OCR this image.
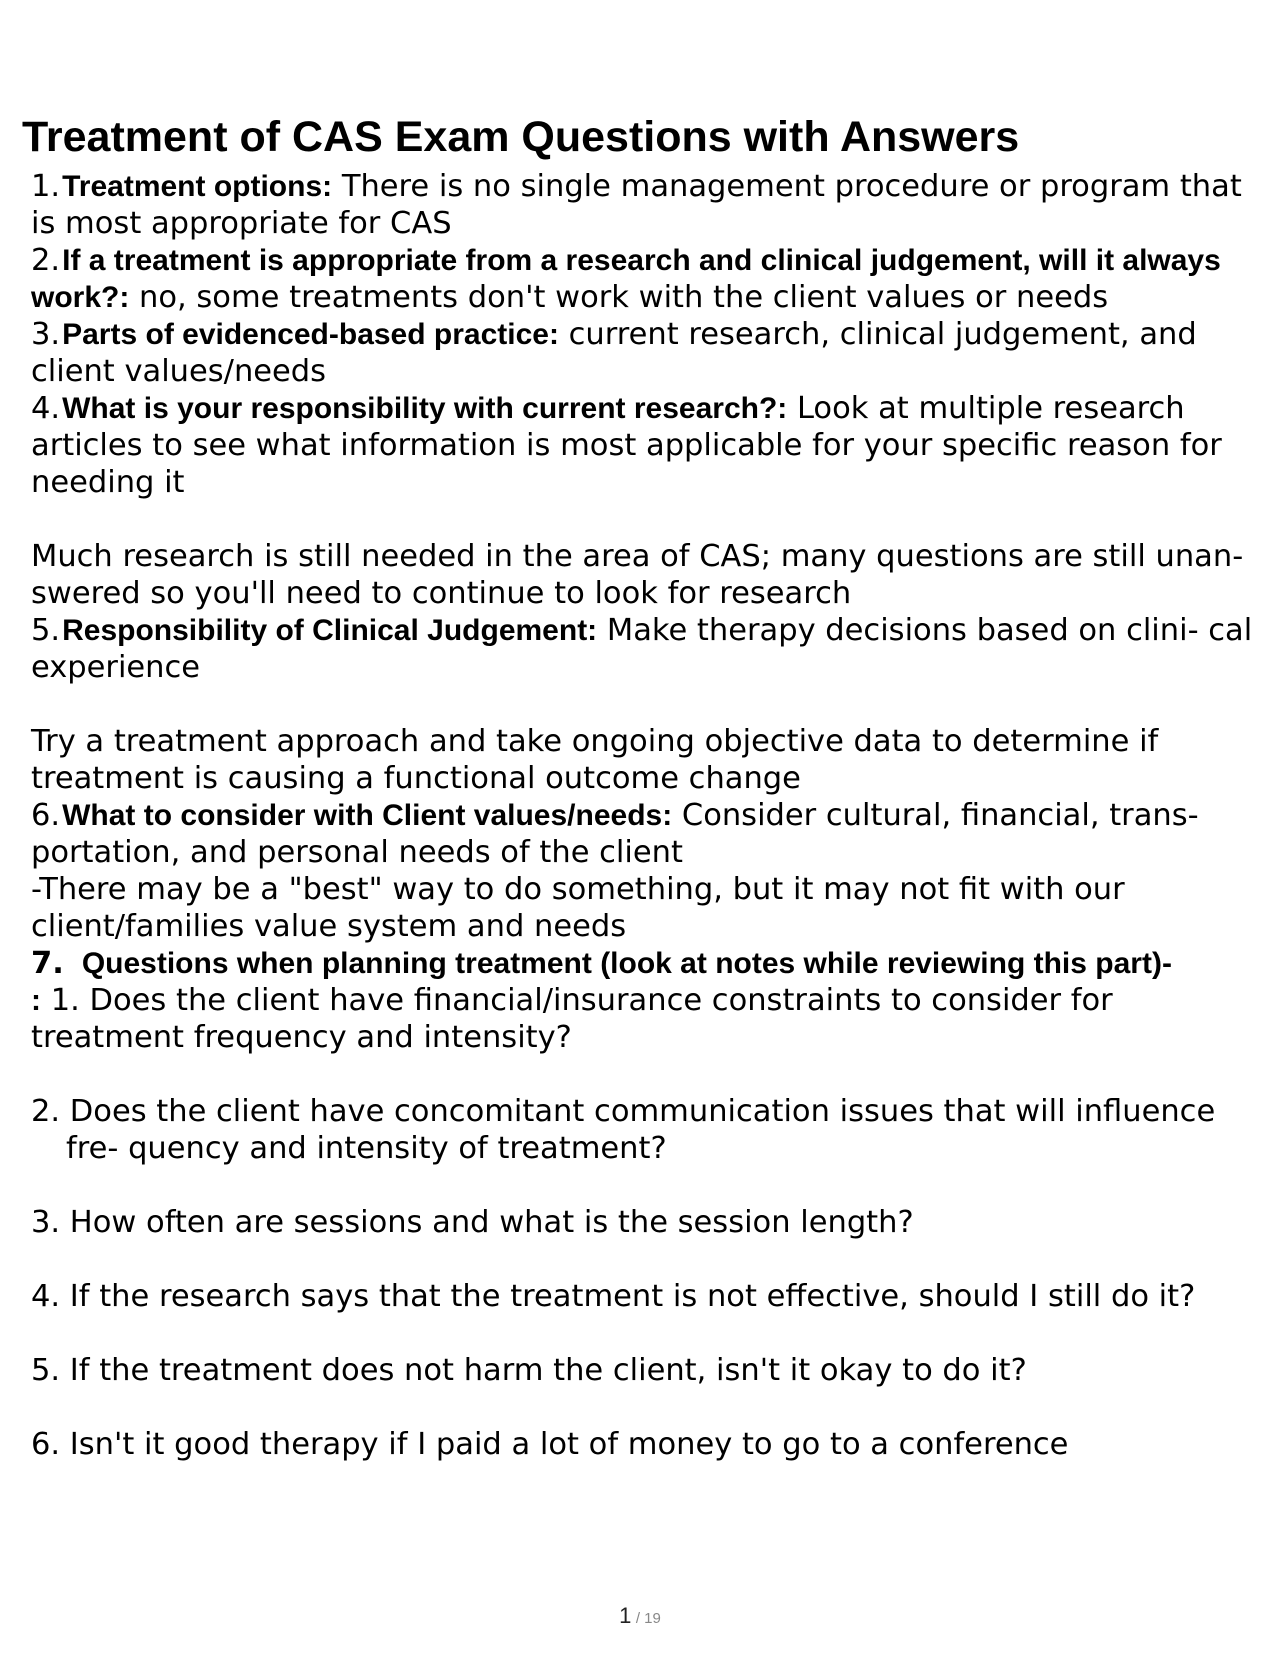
Treatment of CAS Exam Questions with Answers

1.Treatment options: There is no single management procedure or program that is most appropriate for CAS

2.If a treatment is appropriate from a research and clinical judgement, will it always work?: no, some treatments don't work with the client values or needs

3.Parts of evidenced-based practice: current research, clinical judgement, and client values/needs

4.What is your responsibility with current research?: Look at multiple research articles to see what information is most applicable for your specific reason for needing it

Much research is still needed in the area of CAS; many questions are still unan- swered so you'll need to continue to look for research

5.Responsibility of Clinical Judgement: Make therapy decisions based on clini- cal experience

Try a treatment approach and take ongoing objective data to determine if treatment is causing a functional outcome change

6.What to consider with Client values/needs: Consider cultural, financial, trans- portation, and personal needs of the client

-There may be a "best" way to do something, but it may not fit with our client/families value system and needs

7. Questions when planning treatment (look at notes while reviewing this part)-

: 1. Does the client have financial/insurance constraints to consider for treatment frequency and intensity?

2. Does the client have concomitant communication issues that will influence fre- quency and intensity of treatment?

3. How often are sessions and what is the session length?

4. If the research says that the treatment is not effective, should I still do it?

5. If the treatment does not harm the client, isn't it okay to do it?

6. Isn't it good therapy if I paid a lot of money to go to a conference

1 / 19
